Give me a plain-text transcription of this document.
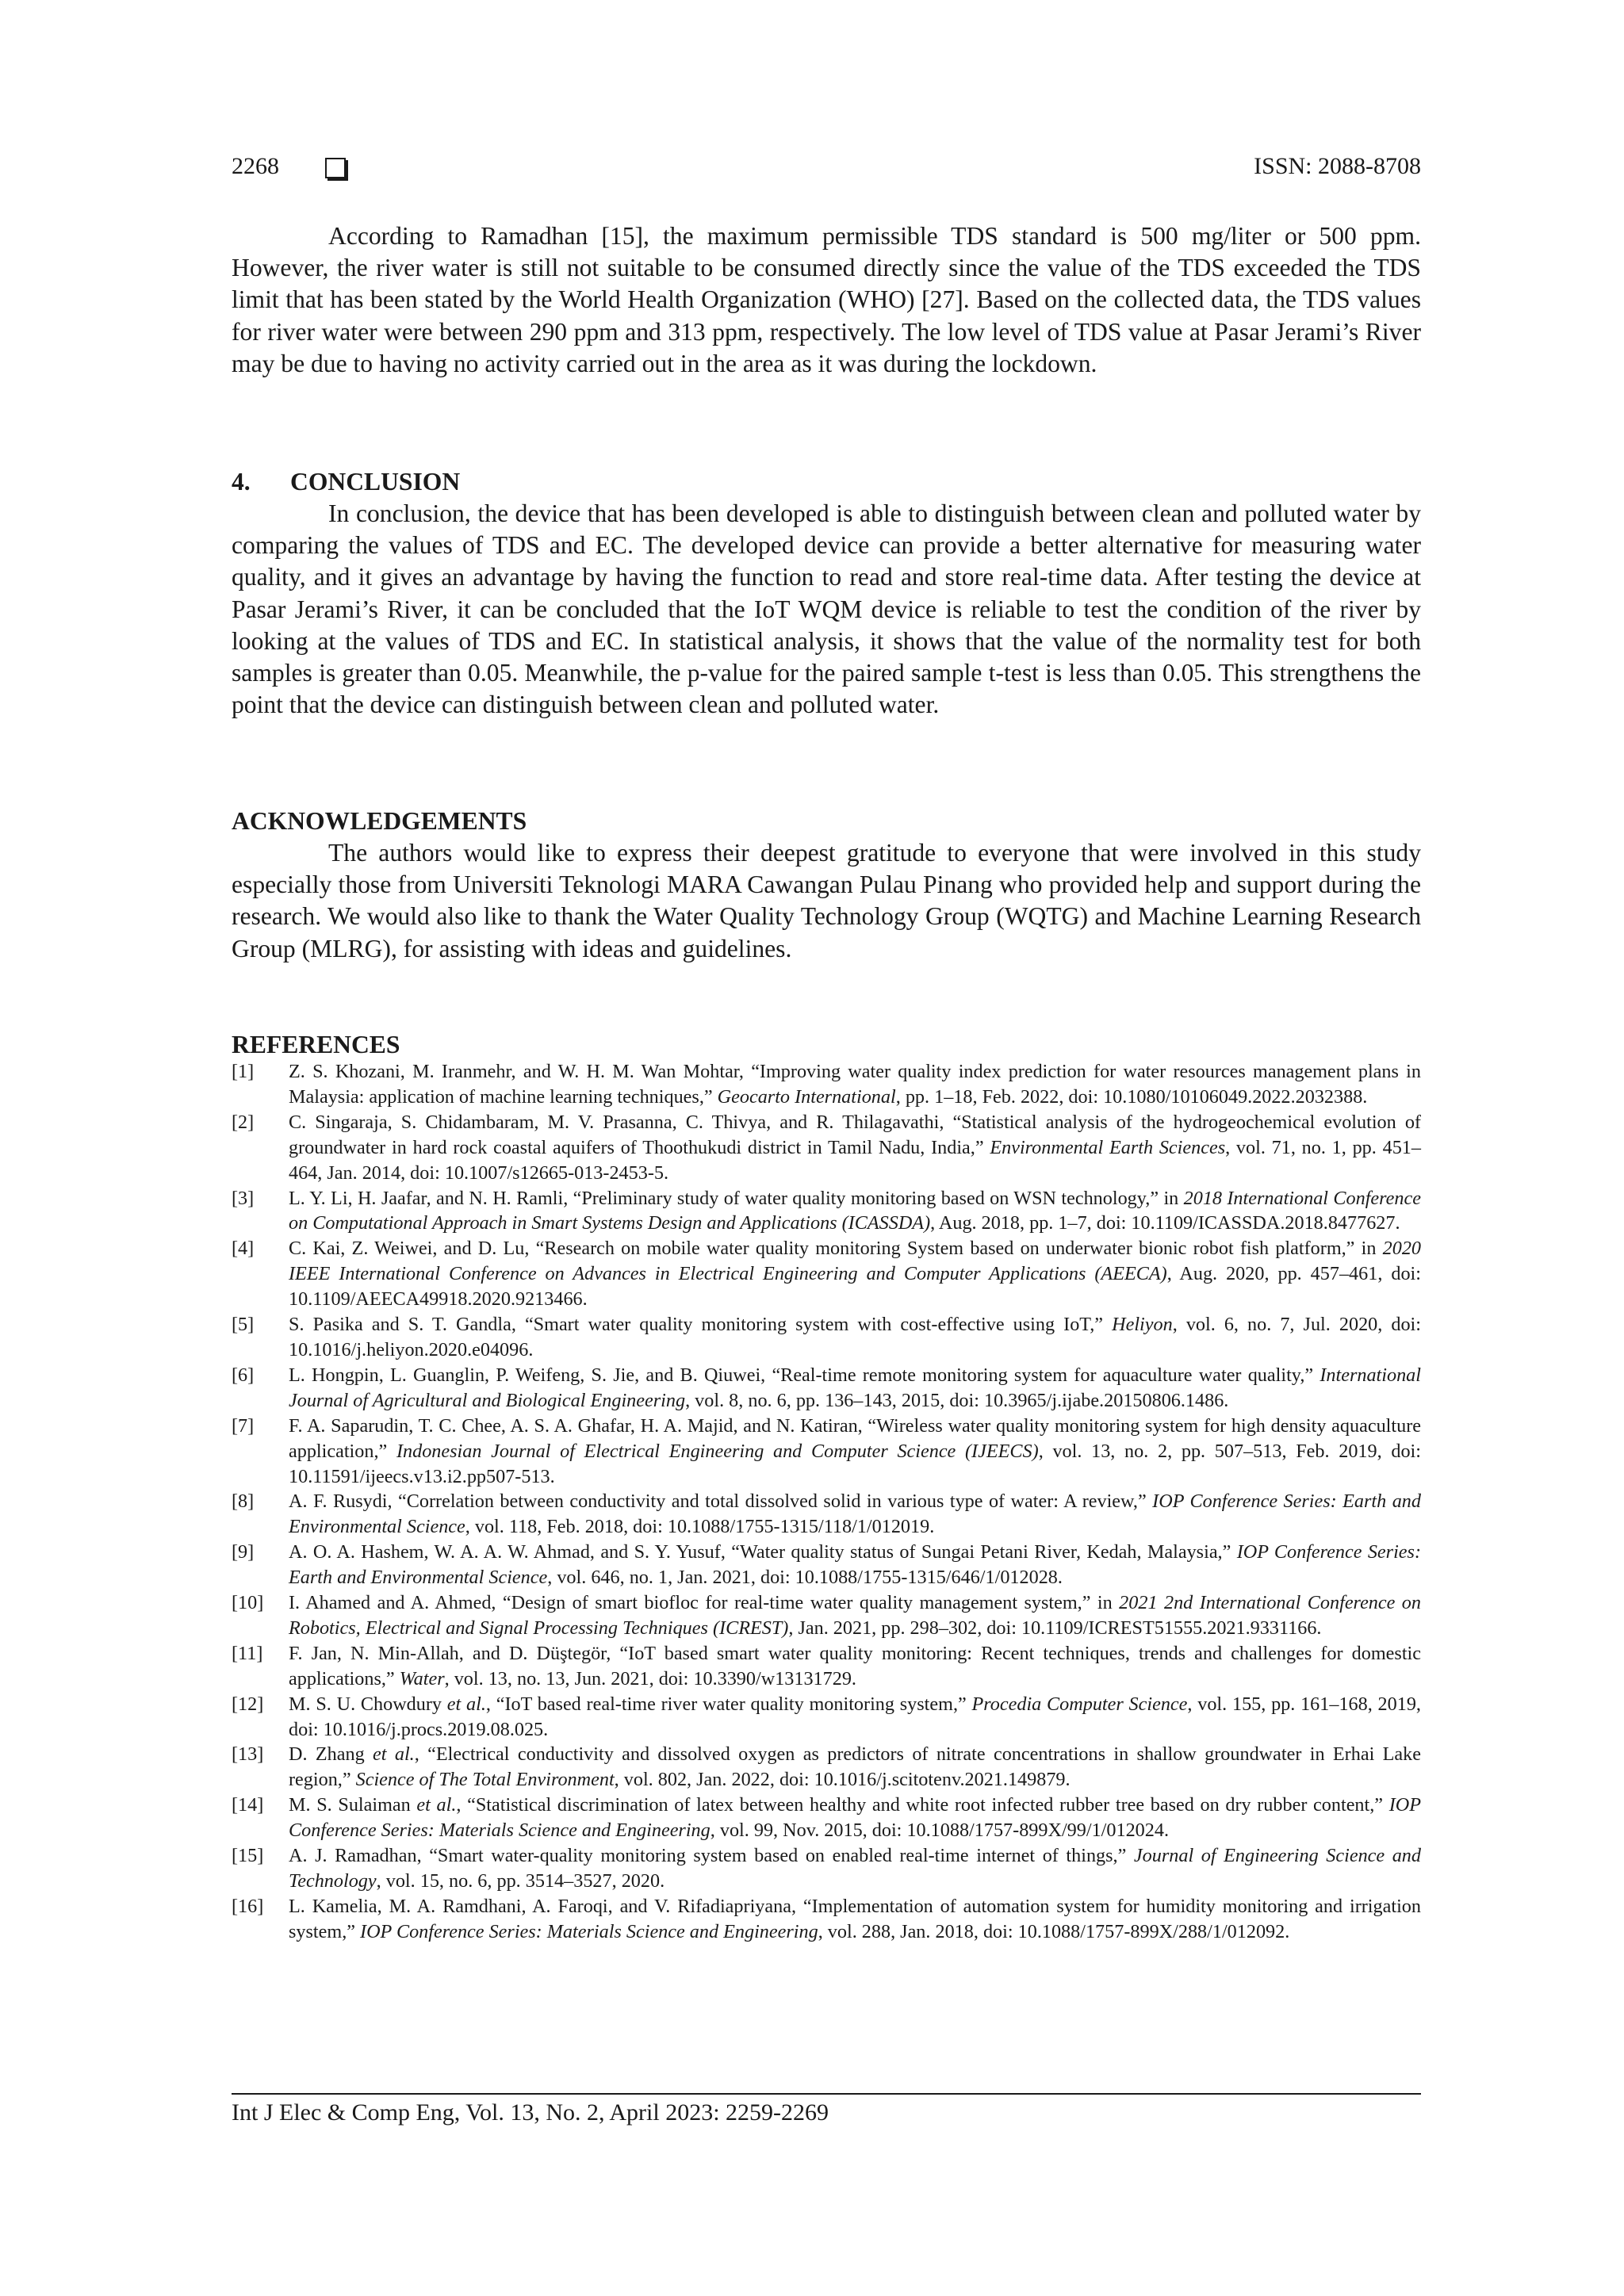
2268	ISSN: 2088-8708

According to Ramadhan [15], the maximum permissible TDS standard is 500 mg/liter or 500 ppm. However, the river water is still not suitable to be consumed directly since the value of the TDS exceeded the TDS limit that has been stated by the World Health Organization (WHO) [27]. Based on the collected data, the TDS values for river water were between 290 ppm and 313 ppm, respectively. The low level of TDS value at Pasar Jerami’s River may be due to having no activity carried out in the area as it was during the lockdown.

4. CONCLUSION

In conclusion, the device that has been developed is able to distinguish between clean and polluted water by comparing the values of TDS and EC. The developed device can provide a better alternative for measuring water quality, and it gives an advantage by having the function to read and store real-time data. After testing the device at Pasar Jerami’s River, it can be concluded that the IoT WQM device is reliable to test the condition of the river by looking at the values of TDS and EC. In statistical analysis, it shows that the value of the normality test for both samples is greater than 0.05. Meanwhile, the p-value for the paired sample t-test is less than 0.05. This strengthens the point that the device can distinguish between clean and polluted water.

ACKNOWLEDGEMENTS

The authors would like to express their deepest gratitude to everyone that were involved in this study especially those from Universiti Teknologi MARA Cawangan Pulau Pinang who provided help and support during the research. We would also like to thank the Water Quality Technology Group (WQTG) and Machine Learning Research Group (MLRG), for assisting with ideas and guidelines.

REFERENCES
[1]	Z. S. Khozani, M. Iranmehr, and W. H. M. Wan Mohtar, “Improving water quality index prediction for water resources management plans in Malaysia: application of machine learning techniques,” Geocarto International, pp. 1–18, Feb. 2022, doi: 10.1080/10106049.2022.2032388.
[2]	C. Singaraja, S. Chidambaram, M. V. Prasanna, C. Thivya, and R. Thilagavathi, “Statistical analysis of the hydrogeochemical evolution of groundwater in hard rock coastal aquifers of Thoothukudi district in Tamil Nadu, India,” Environmental Earth Sciences, vol. 71, no. 1, pp. 451–464, Jan. 2014, doi: 10.1007/s12665-013-2453-5.
[3]	L. Y. Li, H. Jaafar, and N. H. Ramli, “Preliminary study of water quality monitoring based on WSN technology,” in 2018 International Conference on Computational Approach in Smart Systems Design and Applications (ICASSDA), Aug. 2018, pp. 1–7, doi: 10.1109/ICASSDA.2018.8477627.
[4]	C. Kai, Z. Weiwei, and D. Lu, “Research on mobile water quality monitoring System based on underwater bionic robot fish platform,” in 2020 IEEE International Conference on Advances in Electrical Engineering and Computer Applications (AEECA), Aug. 2020, pp. 457–461, doi: 10.1109/AEECA49918.2020.9213466.
[5]	S. Pasika and S. T. Gandla, “Smart water quality monitoring system with cost-effective using IoT,” Heliyon, vol. 6, no. 7, Jul. 2020, doi: 10.1016/j.heliyon.2020.e04096.
[6]	L. Hongpin, L. Guanglin, P. Weifeng, S. Jie, and B. Qiuwei, “Real-time remote monitoring system for aquaculture water quality,” International Journal of Agricultural and Biological Engineering, vol. 8, no. 6, pp. 136–143, 2015, doi: 10.3965/j.ijabe.20150806.1486.
[7]	F. A. Saparudin, T. C. Chee, A. S. A. Ghafar, H. A. Majid, and N. Katiran, “Wireless water quality monitoring system for high density aquaculture application,” Indonesian Journal of Electrical Engineering and Computer Science (IJEECS), vol. 13, no. 2, pp. 507–513, Feb. 2019, doi: 10.11591/ijeecs.v13.i2.pp507-513.
[8]	A. F. Rusydi, “Correlation between conductivity and total dissolved solid in various type of water: A review,” IOP Conference Series: Earth and Environmental Science, vol. 118, Feb. 2018, doi: 10.1088/1755-1315/118/1/012019.
[9]	A. O. A. Hashem, W. A. A. W. Ahmad, and S. Y. Yusuf, “Water quality status of Sungai Petani River, Kedah, Malaysia,” IOP Conference Series: Earth and Environmental Science, vol. 646, no. 1, Jan. 2021, doi: 10.1088/1755-1315/646/1/012028.
[10]	I. Ahamed and A. Ahmed, “Design of smart biofloc for real-time water quality management system,” in 2021 2nd International Conference on Robotics, Electrical and Signal Processing Techniques (ICREST), Jan. 2021, pp. 298–302, doi: 10.1109/ICREST51555.2021.9331166.
[11]	F. Jan, N. Min-Allah, and D. Düştegör, “IoT based smart water quality monitoring: Recent techniques, trends and challenges for domestic applications,” Water, vol. 13, no. 13, Jun. 2021, doi: 10.3390/w13131729.
[12]	M. S. U. Chowdury et al., “IoT based real-time river water quality monitoring system,” Procedia Computer Science, vol. 155, pp. 161–168, 2019, doi: 10.1016/j.procs.2019.08.025.
[13]	D. Zhang et al., “Electrical conductivity and dissolved oxygen as predictors of nitrate concentrations in shallow groundwater in Erhai Lake region,” Science of The Total Environment, vol. 802, Jan. 2022, doi: 10.1016/j.scitotenv.2021.149879.
[14]	M. S. Sulaiman et al., “Statistical discrimination of latex between healthy and white root infected rubber tree based on dry rubber content,” IOP Conference Series: Materials Science and Engineering, vol. 99, Nov. 2015, doi: 10.1088/1757-899X/99/1/012024.
[15]	A. J. Ramadhan, “Smart water-quality monitoring system based on enabled real-time internet of things,” Journal of Engineering Science and Technology, vol. 15, no. 6, pp. 3514–3527, 2020.
[16]	L. Kamelia, M. A. Ramdhani, A. Faroqi, and V. Rifadiapriyana, “Implementation of automation system for humidity monitoring and irrigation system,” IOP Conference Series: Materials Science and Engineering, vol. 288, Jan. 2018, doi: 10.1088/1757-899X/288/1/012092.
Int J Elec & Comp Eng, Vol. 13, No. 2, April 2023: 2259-2269
